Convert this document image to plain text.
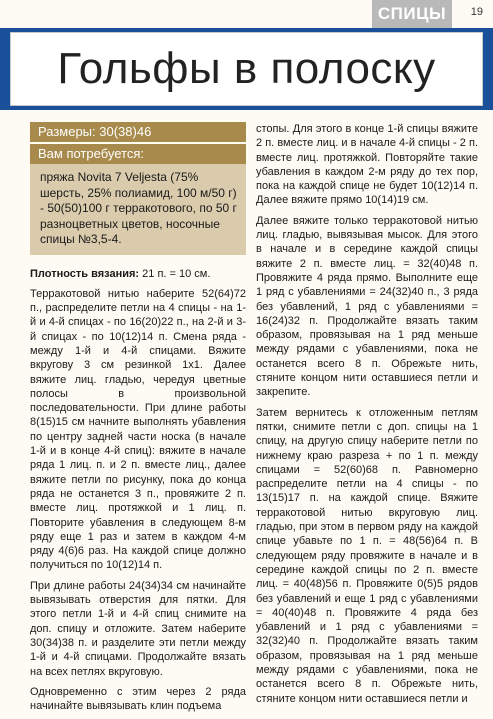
СПИЦЫ	19
Гольфы в полоску
Размеры: 30(38)46
Вам потребуется:
пряжа Novita 7 Veljesta (75% шерсть, 25% полиамид, 100 м/50 г) - 50(50)100 г терракотового, по 50 г разноцветных цветов, носочные спицы №3,5-4.

Плотность вязания: 21 п. = 10 см.

Терракотовой нитью наберите 52(64)72 п., распределите петли на 4 спицы - на 1-й и 4-й спицах - по 16(20)22 п., на 2-й и 3-й спицах - по 10(12)14 п. Смена ряда - между 1-й и 4-й спицами. Вяжите вкругову 3 см резинкой 1х1. Далее вяжите лиц. гладью, чередуя цветные полосы в произвольной последовательности. При длине работы 8(15)15 см начните выполнять убавления по центру задней части носка (в начале 1-й и в конце 4-й спиц): вяжите в начале ряда 1 лиц. п. и 2 п. вместе лиц., далее вяжите петли по рисунку, пока до конца ряда не останется 3 п., провяжите 2 п. вместе лиц. протяжкой и 1 лиц. п. Повторите убавления в следующем 8-м ряду еще 1 раз и затем в каждом 4-м ряду 4(6)6 раз. На каждой спице должно получиться по 10(12)14 п.

При длине работы 24(34)34 см начинайте вывязывать отверстия для пятки. Для этого петли 1-й и 4-й спиц снимите на доп. спицу и отложите. Затем наберите 30(34)38 п. и разделите эти петли между 1-й и 4-й спицами. Продолжайте вязать на всех петлях вкруговую.

Одновременно с этим через 2 ряда начинайте вывязывать клин подъема

стопы. Для этого в конце 1-й спицы вяжите 2 п. вместе лиц. и в начале 4-й спицы - 2 п. вместе лиц. протяжкой. Повторяйте такие убавления в каждом 2-м ряду до тех пор, пока на каждой спице не будет 10(12)14 п. Далее вяжите прямо 10(14)19 см.

Далее вяжите только терракотовой нитью лиц. гладью, вывязывая мысок. Для этого в начале и в середине каждой спицы вяжите 2 п. вместе лиц. = 32(40)48 п. Провяжите 4 ряда прямо. Выполните еще 1 ряд с убавлениями = 24(32)40 п., 3 ряда без убавлений, 1 ряд с убавлениями = 16(24)32 п. Продолжайте вязать таким образом, провязывая на 1 ряд меньше между рядами с убавлениями, пока не останется всего 8 п. Обрежьте нить, стяните концом нити оставшиеся петли и закрепите.

Затем вернитесь к отложенным петлям пятки, снимите петли с доп. спицы на 1 спицу, на другую спицу наберите петли по нижнему краю разреза + по 1 п. между спицами = 52(60)68 п. Равномерно распределите петли на 4 спицы - по 13(15)17 п. на каждой спице. Вяжите терракотовой нитью вкруговую лиц. гладью, при этом в первом ряду на каждой спице убавьте по 1 п. = 48(56)64 п. В следующем ряду провяжите в начале и в середине каждой спицы по 2 п. вместе лиц. = 40(48)56 п. Провяжите 0(5)5 рядов без убавлений и еще 1 ряд с убавлениями = 40(40)48 п. Провяжите 4 ряда без убавлений и 1 ряд с убавлениями = 32(32)40 п. Продолжайте вязать таким образом, провязывая на 1 ряд меньше между рядами с убавлениями, пока не останется всего 8 п. Обрежьте нить, стяните концом нити оставшиеся петли и
